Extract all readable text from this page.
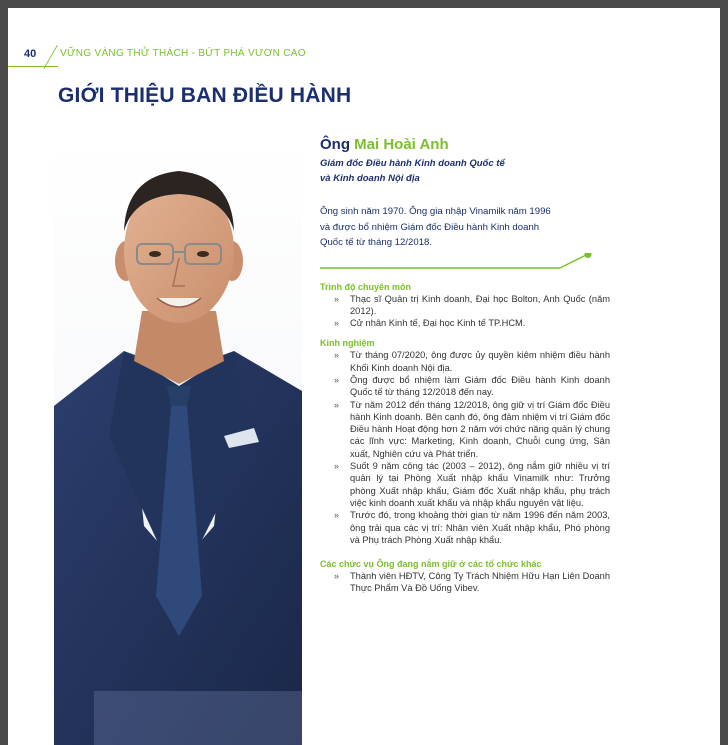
40 VỮNG VÀNG THỬ THÁCH - BỨT PHÁ VƯƠN CAO
GIỚI THIỆU BAN ĐIỀU HÀNH
Ông Mai Hoài Anh
Giám đốc Điều hành Kinh doanh Quốc tế
và Kinh doanh Nội địa
Ông sinh năm 1970. Ông gia nhập Vinamilk năm 1996 và được bổ nhiệm Giám đốc Điều hành Kinh doanh Quốc tế từ tháng 12/2018.
Trình độ chuyên môn
» Thạc sĩ Quản trị Kinh doanh, Đại học Bolton, Anh Quốc (năm 2012).
» Cử nhân Kinh tế, Đại học Kinh tế TP.HCM.
Kinh nghiệm
» Từ tháng 07/2020, ông được ủy quyền kiêm nhiệm điều hành Khối Kinh doanh Nội địa.
» Ông được bổ nhiệm làm Giám đốc Điều hành Kinh doanh Quốc tế từ tháng 12/2018 đến nay.
» Từ năm 2012 đến tháng 12/2018, ông giữ vị trí Giám đốc Điều hành Kinh doanh. Bên cạnh đó, ông đảm nhiệm vị trí Giám đốc Điều hành Hoạt động hơn 2 năm với chức năng quản lý chung các lĩnh vực: Marketing, Kinh doanh, Chuỗi cung ứng, Sản xuất, Nghiên cứu và Phát triển.
» Suốt 9 năm công tác (2003 – 2012), ông nắm giữ nhiều vị trí quản lý tại Phòng Xuất nhập khẩu Vinamilk như: Trưởng phòng Xuất nhập khẩu, Giám đốc Xuất nhập khẩu, phụ trách việc kinh doanh xuất khẩu và nhập khẩu nguyên vật liệu.
» Trước đó, trong khoảng thời gian từ năm 1996 đến năm 2003, ông trải qua các vị trí: Nhân viên Xuất nhập khẩu, Phó phòng và Phụ trách Phòng Xuất nhập khẩu.
Các chức vụ Ông đang nắm giữ ở các tổ chức khác
» Thành viên HĐTV, Công Ty Trách Nhiệm Hữu Hạn Liên Doanh Thực Phẩm Và Đồ Uống Vibev.
